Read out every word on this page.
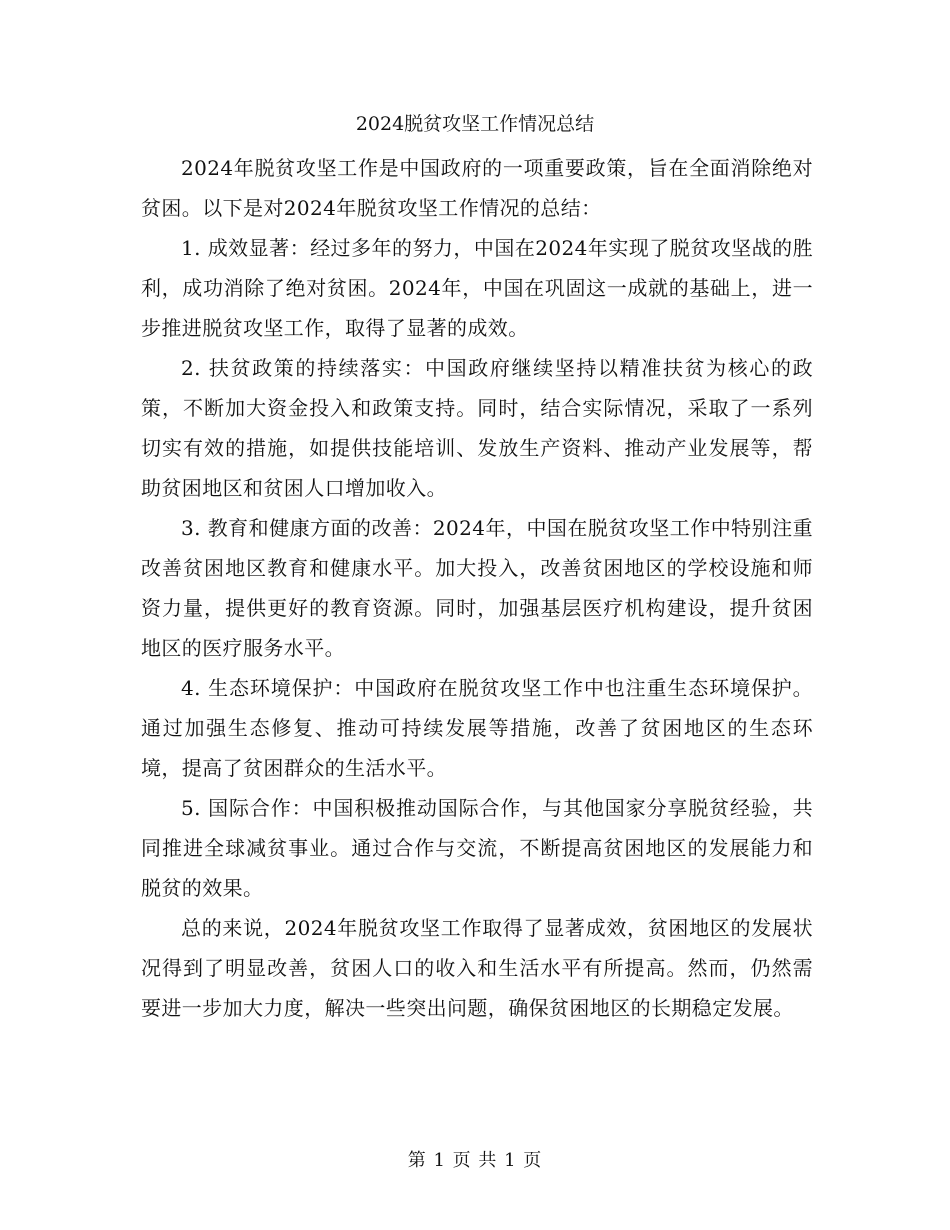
2024脱贫攻坚工作情况总结

2024年脱贫攻坚工作是中国政府的一项重要政策，旨在全面消除绝对贫困。以下是对2024年脱贫攻坚工作情况的总结：

1. 成效显著：经过多年的努力，中国在2024年实现了脱贫攻坚战的胜利，成功消除了绝对贫困。2024年，中国在巩固这一成就的基础上，进一步推进脱贫攻坚工作，取得了显著的成效。

2. 扶贫政策的持续落实：中国政府继续坚持以精准扶贫为核心的政策，不断加大资金投入和政策支持。同时，结合实际情况，采取了一系列切实有效的措施，如提供技能培训、发放生产资料、推动产业发展等，帮助贫困地区和贫困人口增加收入。

3. 教育和健康方面的改善：2024年，中国在脱贫攻坚工作中特别注重改善贫困地区教育和健康水平。加大投入，改善贫困地区的学校设施和师资力量，提供更好的教育资源。同时，加强基层医疗机构建设，提升贫困地区的医疗服务水平。

4. 生态环境保护：中国政府在脱贫攻坚工作中也注重生态环境保护。通过加强生态修复、推动可持续发展等措施，改善了贫困地区的生态环境，提高了贫困群众的生活水平。

5. 国际合作：中国积极推动国际合作，与其他国家分享脱贫经验，共同推进全球减贫事业。通过合作与交流，不断提高贫困地区的发展能力和脱贫的效果。

总的来说，2024年脱贫攻坚工作取得了显著成效，贫困地区的发展状况得到了明显改善，贫困人口的收入和生活水平有所提高。然而，仍然需要进一步加大力度，解决一些突出问题，确保贫困地区的长期稳定发展。

第 1 页 共 1 页
